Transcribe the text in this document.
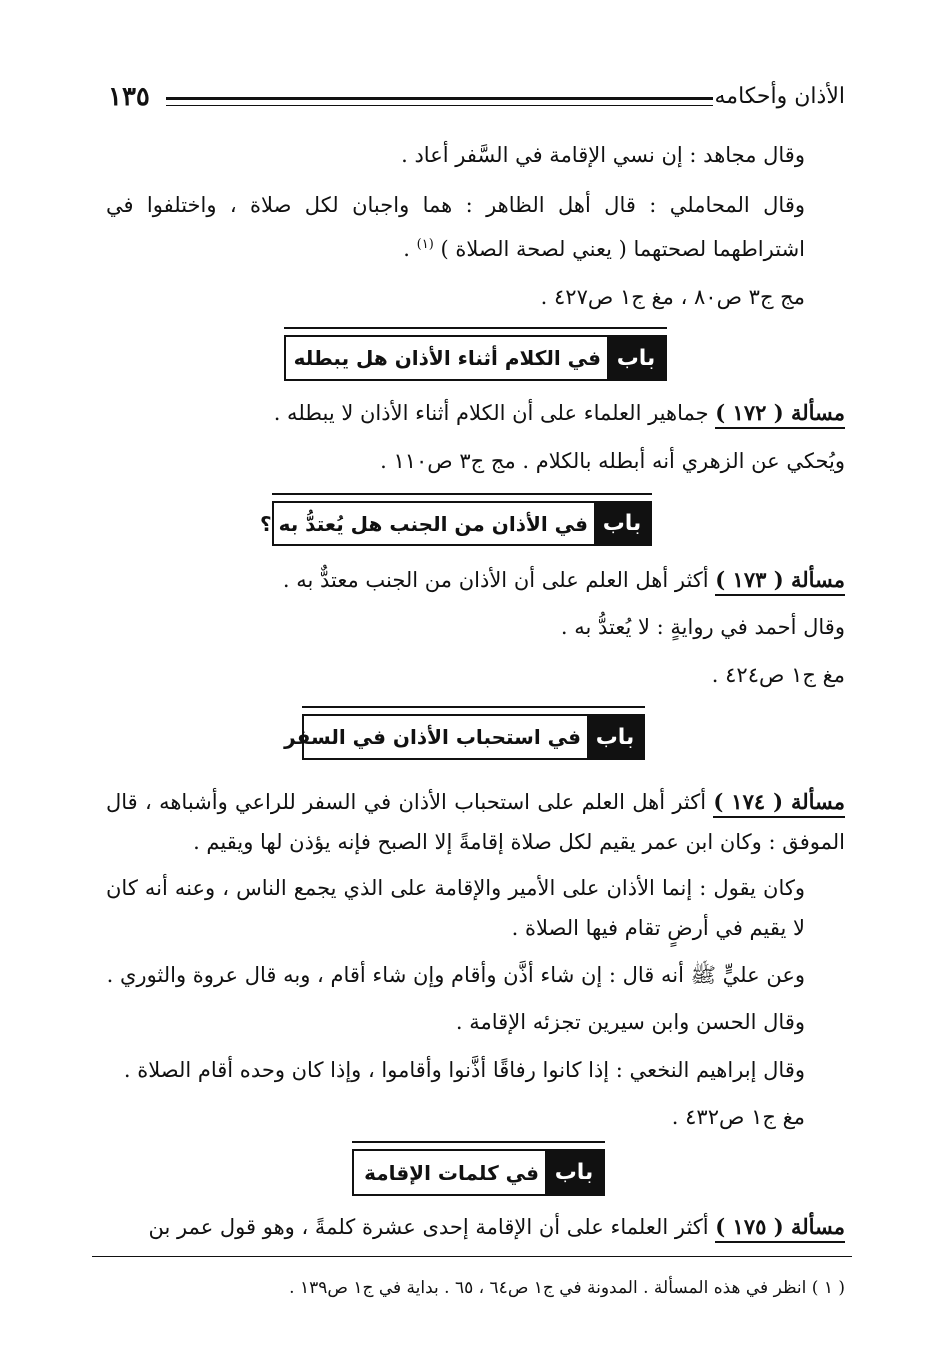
الأذان وأحكامه
١٣٥
وقال مجاهد : إن نسي الإقامة في السَّفر أعاد .
وقال المحاملي : قال أهل الظاهر : هما واجبان لكل صلاة ، واختلفوا في اشتراطهما لصحتهما ( يعني لصحة الصلاة ) $^{(١)}$ .
مج ج٣ ص٨٠ ، مغ ج١ ص٤٢٧ .
باب
في الكلام أثناء الأذان هل يبطله
مسألة ( ١٧٢ ) جماهير العلماء على أن الكلام أثناء الأذان لا يبطله .
ويُحكي عن الزهري أنه أبطله بالكلام . مج ج٣ ص١١٠ .
باب
في الأذان من الجنب هل يُعتدُّ به ؟
مسألة ( ١٧٣ ) أكثر أهل العلم على أن الأذان من الجنب معتدٌّ به .
وقال أحمد في روايةٍ : لا يُعتدُّ به .
مغ ج١ ص٤٢٤ .
باب
في استحباب الأذان في السفر
مسألة ( ١٧٤ ) أكثر أهل العلم على استحباب الأذان في السفر للراعي وأشباهه ، قال الموفق : وكان ابن عمر يقيم لكل صلاة إقامةً إلا الصبح فإنه يؤذن لها ويقيم .
وكان يقول : إنما الأذان على الأمير والإقامة على الذي يجمع الناس ، وعنه أنه كان لا يقيم في أرضٍ تقام فيها الصلاة .
وعن عليٍّ ﷺ أنه قال : إن شاء أذَّن وأقام وإن شاء أقام ، وبه قال عروة والثوري .
وقال الحسن وابن سيرين تجزئه الإقامة .
وقال إبراهيم النخعي : إذا كانوا رفاقًا أذَّنوا وأقاموا ، وإذا كان وحده أقام الصلاة .
مغ ج١ ص٤٣٢ .
باب
في كلمات الإقامة
مسألة ( ١٧٥ ) أكثر العلماء على أن الإقامة إحدى عشرة كلمةً ، وهو قول عمر بن
( ١ ) انظر في هذه المسألة . المدونة في ج١ ص٦٤ ، ٦٥ . بداية في ج١ ص١٣٩ .
